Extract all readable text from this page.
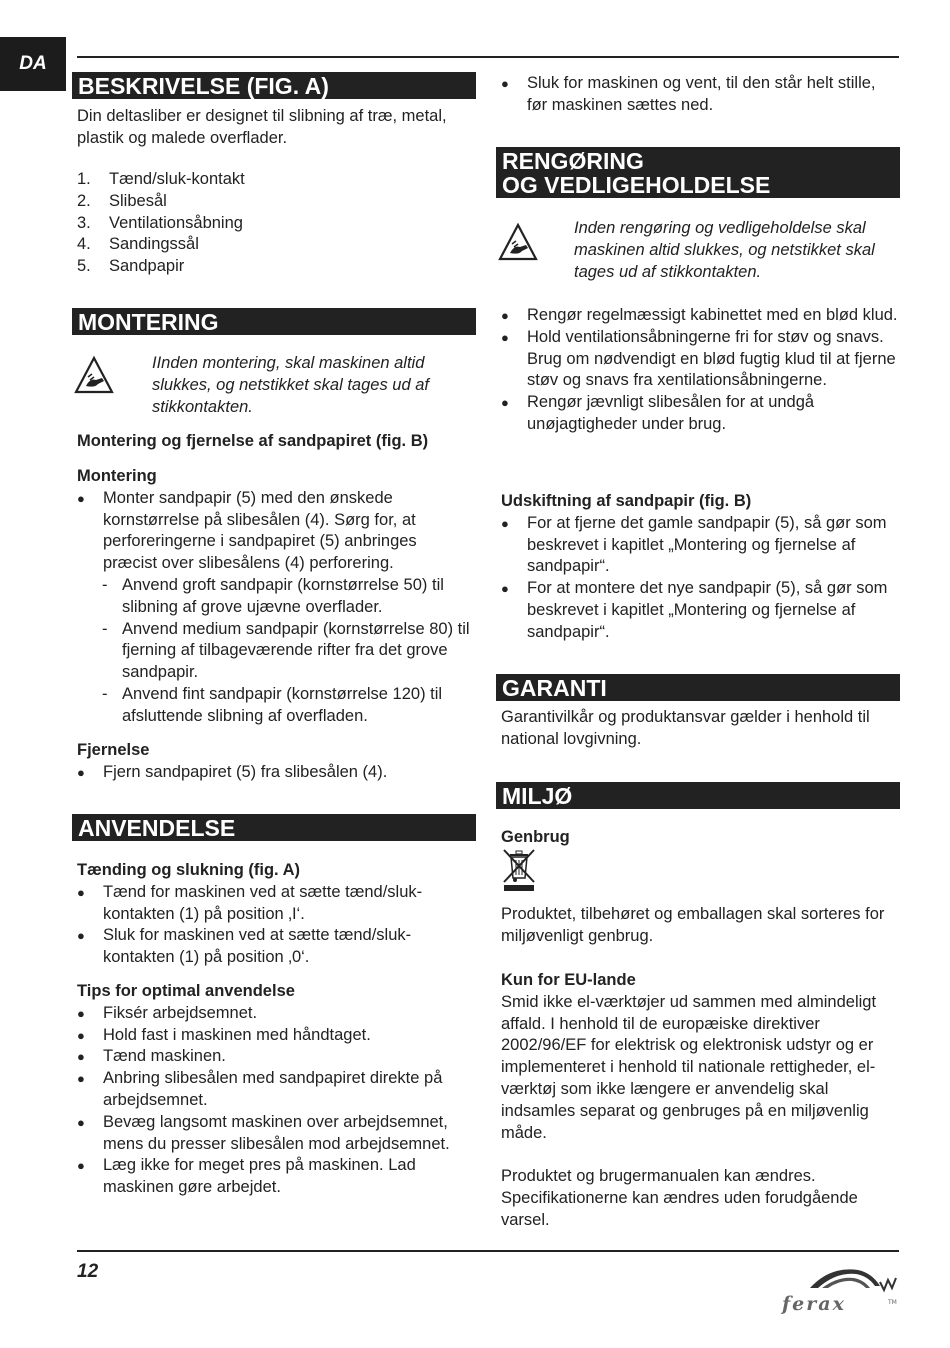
DA
BESKRIVELSE (FIG. A)

Din deltasliber er designet til slibning af træ, metal, plastik og malede overflader.

1.	Tænd/sluk-kontakt
2.	Slibesål
3.	Ventilationsåbning
4.	Sandingssål
5.	Sandpapir
MONTERING

IInden montering, skal maskinen altid slukkes, og netstikket skal tages ud af stikkontakten.

Montering og fjernelse af sandpapiret (fig. B)

Montering

●	Monter sandpapir (5) med den ønskede kornstørrelse på slibesålen (4). Sørg for, at perforeringerne i sandpapiret (5) anbringes præcist over slibesålens (4) perforering.
- Anvend groft sandpapir (kornstørrelse 50) til slibning af grove ujævne overflader.
- Anvend medium sandpapir (kornstørrelse 80) til fjerning af tilbageværende rifter fra det grove sandpapir.
- Anvend fint sandpapir (kornstørrelse 120) til afsluttende slibning af overfladen.

Fjernelse

●	Fjern sandpapiret (5) fra slibesålen (4).
ANVENDELSE

Tænding og slukning (fig. A)

●	Tænd for maskinen ved at sætte tænd/sluk-kontakten (1) på position ‚I‘.
●	Sluk for maskinen ved at sætte tænd/sluk-kontakten (1) på position ‚0‘.

Tips for optimal anvendelse

●	Fiksér arbejdsemnet.
●	Hold fast i maskinen med håndtaget.
●	Tænd maskinen.
●	Anbring slibesålen med sandpapiret direkte på arbejdsemnet.
●	Bevæg langsomt maskinen over arbejdsemnet, mens du presser slibesålen mod arbejdsemnet.
●	Læg ikke for meget pres på maskinen. Lad maskinen gøre arbejdet.
●	Sluk for maskinen og vent, til den står helt stille, før maskinen sættes ned.
RENGØRING
OG VEDLIGEHOLDELSE

Inden rengøring og vedligeholdelse skal maskinen altid slukkes, og netstikket skal tages ud af stikkontakten.

●	Rengør regelmæssigt kabinettet med en blød klud.
●	Hold ventilationsåbningerne fri for støv og snavs. Brug om nødvendigt en blød fugtig klud til at fjerne støv og snavs fra xentilationsåbningerne.
●	Rengør jævnligt slibesålen for at undgå unøjagtigheder under brug.

Udskiftning af sandpapir (fig. B)

●	For at fjerne det gamle sandpapir (5), så gør som beskrevet i kapitlet „Montering og fjernelse af sandpapir“.
●	For at montere det nye sandpapir (5), så gør som beskrevet i kapitlet „Montering og fjernelse af sandpapir“.
GARANTI

Garantivilkår og produktansvar gælder i henhold til national lovgivning.

MILJØ

Genbrug

Produktet, tilbehøret og emballagen skal sorteres for miljøvenligt genbrug.

Kun for EU-lande

Smid ikke el-værktøjer ud sammen med almindeligt affald. I henhold til de europæiske direktiver 2002/96/EF for elektrisk og elektronisk udstyr og er implementeret i henhold til nationale rettigheder, el-værktøj som ikke længere er anvendelig skal indsamles separat og genbruges på en miljøvenlig måde.

Produktet og brugermanualen kan ændres. Specifikationerne kan ændres uden forudgående varsel.

12
ferax	TM
